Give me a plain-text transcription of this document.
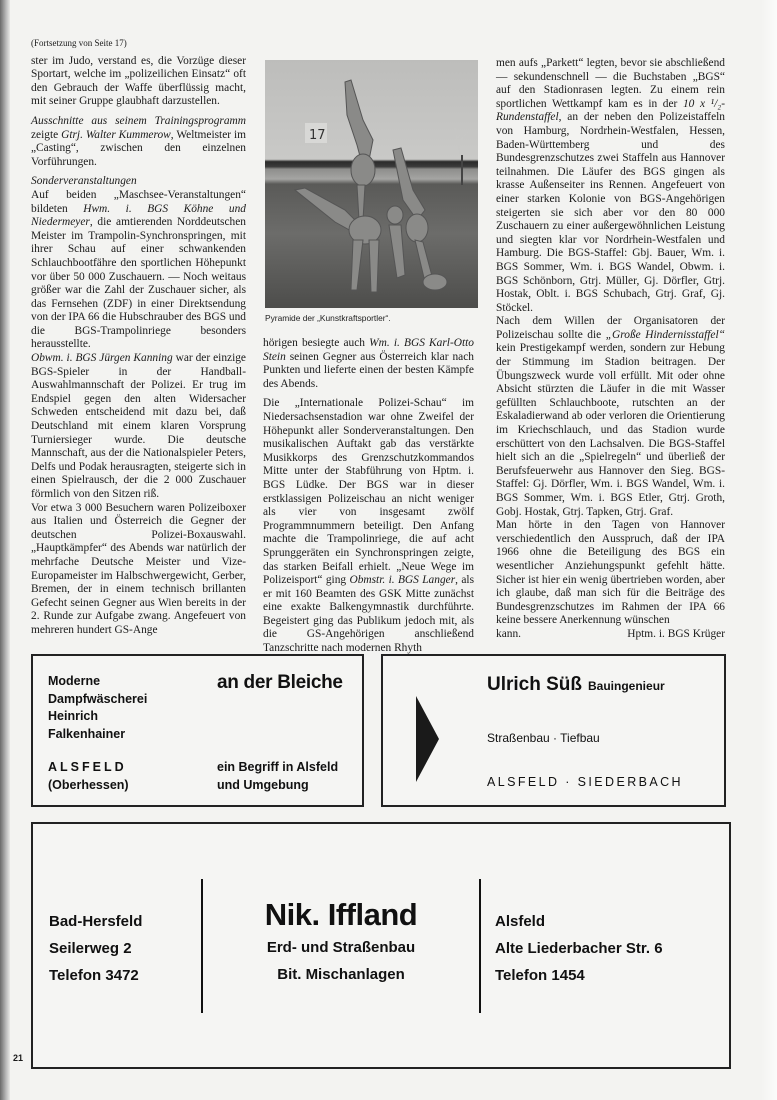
(Fortsetzung von Seite 17)

ster im Judo, verstand es, die Vorzüge dieser Sportart, welche im „polizeilichen Einsatz“ oft den Gebrauch der Waffe überflüssig macht, mit seiner Gruppe glaubhaft darzustellen.

Ausschnitte aus seinem Trainingsprogramm zeigte Gtrj. Walter Kummerow, Weltmeister im „Casting“, zwischen den einzelnen Vorführungen.

Sonderveranstaltungen

Auf beiden „Maschsee-Veranstaltungen“ bildeten Hwm. i. BGS Köhne und Niedermeyer, die amtierenden Norddeutschen Meister im Trampolin-Synchronspringen, mit ihrer Schau auf einer schwankenden Schlauchbootfähre den sportlichen Höhepunkt vor über 50 000 Zuschauern. — Noch weitaus größer war die Zahl der Zuschauer sicher, als das Fernsehen (ZDF) in einer Direktsendung von der IPA 66 die Hubschrauber des BGS und die BGS-Trampolinriege besonders herausstellte.

Obwm. i. BGS Jürgen Kanning war der einzige BGS-Spieler in der Handball-Auswahlmannschaft der Polizei. Er trug im Endspiel gegen den alten Widersacher Schweden entscheidend mit dazu bei, daß Deutschland mit einem klaren Vorsprung Turniersieger wurde. Die deutsche Mannschaft, aus der die Nationalspieler Peters, Delfs und Podak herausragten, steigerte sich in einen Spielrausch, der die 2 000 Zuschauer förmlich von den Sitzen riß.

Vor etwa 3 000 Besuchern waren Polizeiboxer aus Italien und Österreich die Gegner der deutschen Polizei-Boxauswahl. „Hauptkämpfer“ des Abends war natürlich der mehrfache Deutsche Meister und Vize-Europameister im Halbschwergewicht, Gerber, Bremen, der in einem technisch brillanten Gefecht seinen Gegner aus Wien bereits in der 2. Runde zur Aufgabe zwang. Angefeuert von mehreren hundert GS-Ange

17
Pyramide der „Kunstkraftsportler“.

hörigen besiegte auch Wm. i. BGS Karl-Otto Stein seinen Gegner aus Österreich klar nach Punkten und lieferte einen der besten Kämpfe des Abends.

Die „Internationale Polizei-Schau“ im Niedersachsenstadion war ohne Zweifel der Höhepunkt aller Sonderveranstaltungen. Den musikalischen Auftakt gab das verstärkte Musikkorps des Grenzschutzkommandos Mitte unter der Stabführung von Hptm. i. BGS Lüdke. Der BGS war in dieser erstklassigen Polizeischau an nicht weniger als vier von insgesamt zwölf Programmnummern beteiligt. Den Anfang machte die Trampolinriege, die auf acht Sprunggeräten ein Synchronspringen zeigte, das starken Beifall erhielt. „Neue Wege im Polizeisport“ ging Obmstr. i. BGS Langer, als er mit 160 Beamten des GSK Mitte zunächst eine exakte Balkengymnastik durchführte. Begeistert ging das Publikum jedoch mit, als die GS-Angehörigen anschließend Tanzschritte nach modernen Rhyth

men aufs „Parkett“ legten, bevor sie abschließend — sekundenschnell — die Buchstaben „BGS“ auf den Stadionrasen legten. Zu einem rein sportlichen Wettkampf kam es in der 10 x ¹/₂-Rundenstaffel, an der neben den Polizeistaffeln von Hamburg, Nordrhein-Westfalen, Hessen, Baden-Württemberg und des Bundesgrenzschutzes zwei Staffeln aus Hannover teilnahmen. Die Läufer des BGS gingen als krasse Außenseiter ins Rennen. Angefeuert von einer starken Kolonie von BGS-Angehörigen steigerten sie sich aber vor den 80 000 Zuschauern zu einer außergewöhnlichen Leistung und siegten klar vor Nordrhein-Westfalen und Hamburg. Die BGS-Staffel: Gbj. Bauer, Wm. i. BGS Sommer, Wm. i. BGS Wandel, Obwm. i. BGS Schönborn, Gtrj. Müller, Gj. Dörfler, Gtrj. Hostak, Oblt. i. BGS Schubach, Gtrj. Graf, Gj. Stöckel.

Nach dem Willen der Organisatoren der Polizeischau sollte die „Große Hindernisstaffel“ kein Prestigekampf werden, sondern zur Hebung der Stimmung im Stadion beitragen. Der Übungszweck wurde voll erfüllt. Mit oder ohne Absicht stürzten die Läufer in die mit Wasser gefüllten Schlauchboote, rutschten an der Eskaladierwand ab oder verloren die Orientierung im Kriechschlauch, und das Stadion wurde erschüttert von den Lachsalven. Die BGS-Staffel hielt sich an die „Spielregeln“ und überließ der Berufsfeuerwehr aus Hannover den Sieg. BGS-Staffel: Gj. Dörfler, Wm. i. BGS Wandel, Wm. i. BGS Sommer, Wm. i. BGS Etler, Gtrj. Groth, Gobj. Hostak, Gtrj. Tapken, Gtrj. Graf.

Man hörte in den Tagen von Hannover verschiedentlich den Ausspruch, daß der IPA 1966 ohne die Beteiligung des BGS ein wesentlicher Anziehungspunkt gefehlt hätte. Sicher ist hier ein wenig übertrieben worden, aber ich glaube, daß man sich für die Beiträge des Bundesgrenzschutzes im Rahmen der IPA 66 keine bessere Anerkennung wünschen

kann.	Hptm. i. BGS Krüger

Moderne
Dampfwäscherei
Heinrich
Falkenhainer
an der Bleiche
ALSFELD
(Oberhessen)
ein Begriff in Alsfeld
und Umgebung
Ulrich Süß Bauingenieur
Straßenbau · Tiefbau
ALSFELD · SIEDERBACH
Bad-Hersfeld
Seilerweg 2
Telefon 3472
Nik. Iffland
Erd- und Straßenbau
Bit. Mischanlagen
Alsfeld
Alte Liederbacher Str. 6
Telefon 1454
21
